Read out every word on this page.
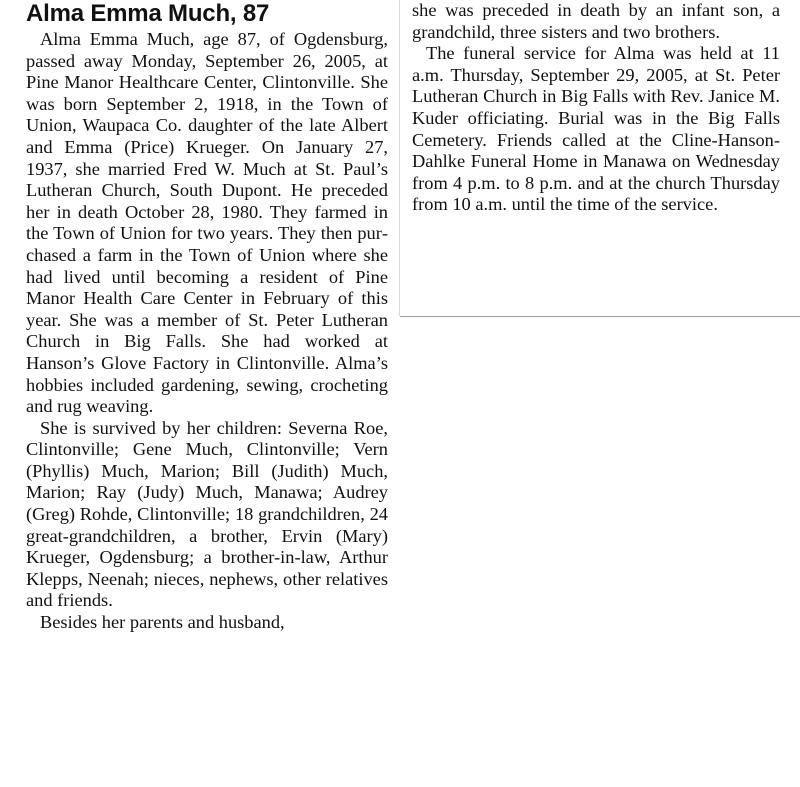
Alma Emma Much, 87

Alma Emma Much, age 87, of Ogdensburg, passed away Monday, September 26, 2005, at Pine Manor Healthcare Center, Clintonville. She was born September 2, 1918, in the Town of Union, Waupaca Co. daughter of the late Albert and Emma (Price) Krueger. On January 27, 1937, she married Fred W. Much at St. Paul’s Lutheran Church, South Dupont. He preceded her in death October 28, 1980. They farmed in the Town of Union for two years. They then purchased a farm in the Town of Union where she had lived until becoming a resident of Pine Manor Health Care Center in February of this year. She was a member of St. Peter Lutheran Church in Big Falls. She had worked at Hanson’s Glove Factory in Clintonville. Alma’s hobbies included gardening, sewing, crocheting and rug weaving.

She is survived by her children: Severna Roe, Clintonville; Gene Much, Clintonville; Vern (Phyllis) Much, Marion; Bill (Judith) Much, Marion; Ray (Judy) Much, Manawa; Audrey (Greg) Rohde, Clintonville; 18 grandchildren, 24 great-grandchildren, a brother, Ervin (Mary) Krueger, Ogdensburg; a brother-in-law, Arthur Klepps, Neenah; nieces, nephews, other relatives and friends.

Besides her parents and husband,

she was preceded in death by an infant son, a grandchild, three sisters and two brothers.

The funeral service for Alma was held at 11 a.m. Thursday, September 29, 2005, at St. Peter Lutheran Church in Big Falls with Rev. Janice M. Kuder officiating. Burial was in the Big Falls Cemetery. Friends called at the Cline-Hanson-Dahlke Funeral Home in Manawa on Wednesday from 4 p.m. to 8 p.m. and at the church Thursday from 10 a.m. until the time of the service.
